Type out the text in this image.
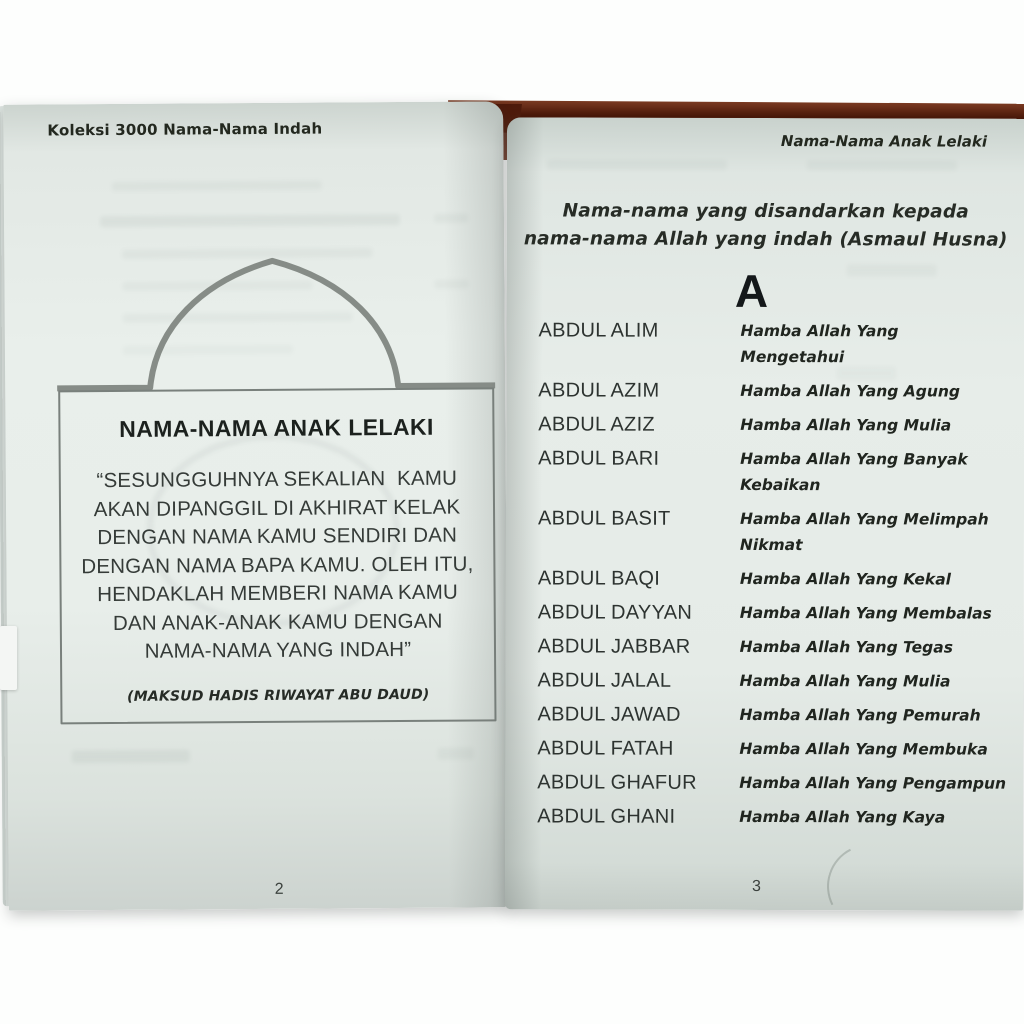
Koleksi 3000 Nama-Nama Indah
NAMA-NAMA ANAK LELAKI
“SESUNGGUHNYA SEKALIAN  KAMU
AKAN DIPANGGIL DI AKHIRAT KELAK
DENGAN NAMA KAMU SENDIRI DAN
DENGAN NAMA BAPA KAMU. OLEH ITU,
HENDAKLAH MEMBERI NAMA KAMU
DAN ANAK-ANAK KAMU DENGAN
NAMA-NAMA YANG INDAH”
(MAKSUD HADIS RIWAYAT ABU DAUD)
2
Nama-Nama Anak Lelaki
Nama-nama yang disandarkan kepada
nama-nama Allah yang indah (Asmaul Husna)
A
ABDUL ALIM	Hamba Allah Yang
Mengetahui
ABDUL AZIM	Hamba Allah Yang Agung
ABDUL AZIZ	Hamba Allah Yang Mulia
ABDUL BARI	Hamba Allah Yang Banyak
Kebaikan
ABDUL BASIT	Hamba Allah Yang Melimpah
Nikmat
ABDUL BAQI	Hamba Allah Yang Kekal
ABDUL DAYYAN	Hamba Allah Yang Membalas
ABDUL JABBAR	Hamba Allah Yang Tegas
ABDUL JALAL	Hamba Allah Yang Mulia
ABDUL JAWAD	Hamba Allah Yang Pemurah
ABDUL FATAH	Hamba Allah Yang Membuka
ABDUL GHAFUR	Hamba Allah Yang Pengampun
ABDUL GHANI	Hamba Allah Yang Kaya
3
